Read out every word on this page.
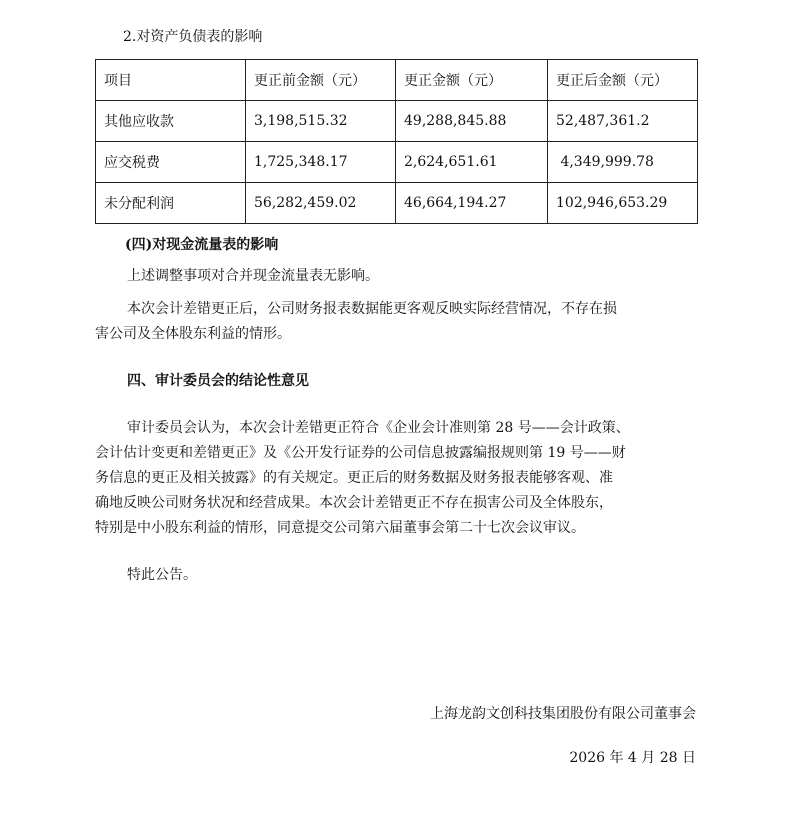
2.对资产负债表的影响
项目	更正前金额（元）	更正金额（元）	更正后金额（元）
其他应收款	3,198,515.32	49,288,845.88	52,487,361.2
应交税费	1,725,348.17	2,624,651.61	4,349,999.78
未分配利润	56,282,459.02	46,664,194.27	102,946,653.29
(四)对现金流量表的影响
上述调整事项对合并现金流量表无影响。
本次会计差错更正后，公司财务报表数据能更客观反映实际经营情况，不存在损
害公司及全体股东利益的情形。
四、审计委员会的结论性意见
审计委员会认为，本次会计差错更正符合《企业会计准则第 28 号——会计政策、
会计估计变更和差错更正》及《公开发行证券的公司信息披露编报规则第 19 号——财
务信息的更正及相关披露》的有关规定。更正后的财务数据及财务报表能够客观、准
确地反映公司财务状况和经营成果。本次会计差错更正不存在损害公司及全体股东，
特别是中小股东利益的情形，同意提交公司第六届董事会第二十七次会议审议。
特此公告。
上海龙韵文创科技集团股份有限公司董事会
2026 年 4 月 28 日
